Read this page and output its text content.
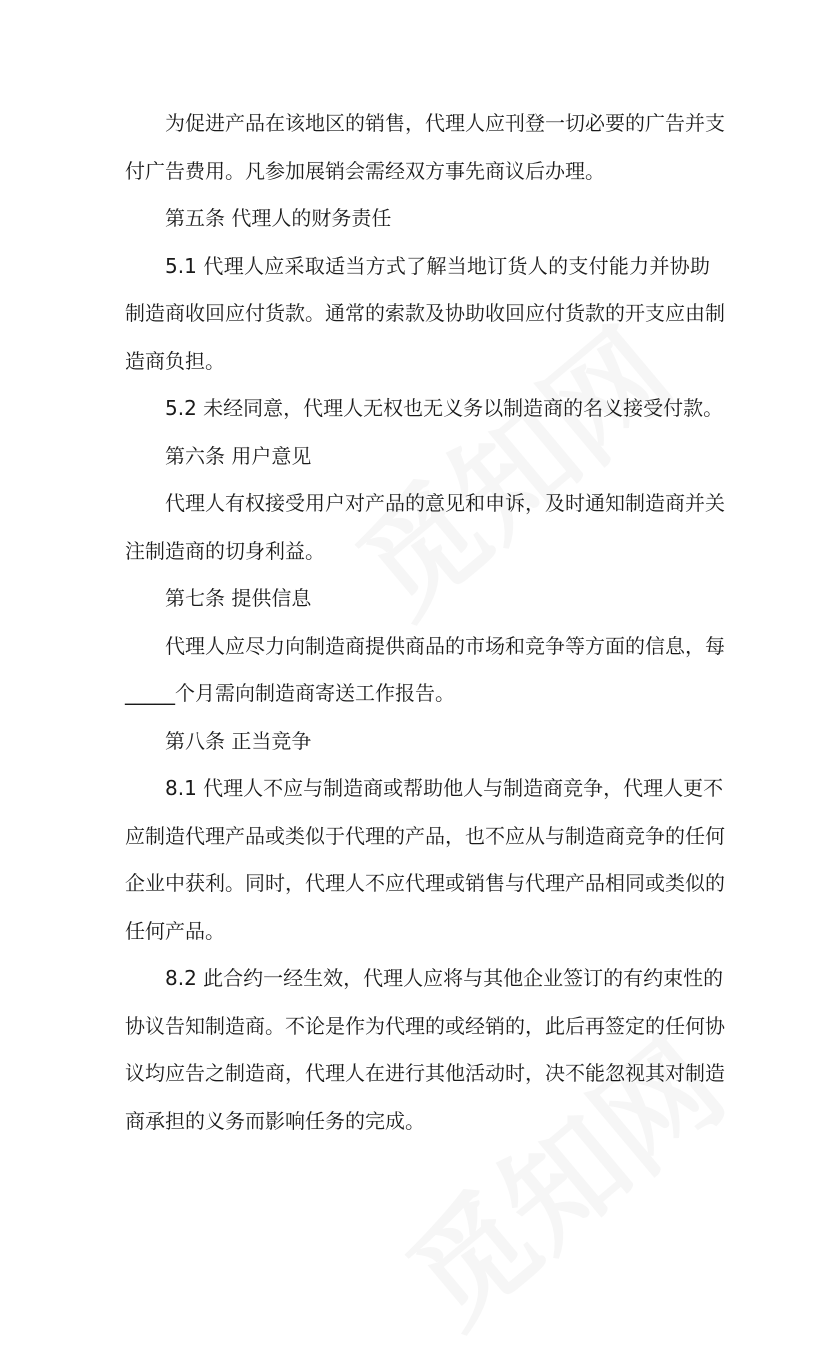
为促进产品在该地区的销售，代理人应刊登一切必要的广告并支
付广告费用。凡参加展销会需经双方事先商议后办理。
第五条 代理人的财务责任
5.1 代理人应采取适当方式了解当地订货人的支付能力并协助
制造商收回应付货款。通常的索款及协助收回应付货款的开支应由制
造商负担。
5.2 未经同意，代理人无权也无义务以制造商的名义接受付款。
第六条 用户意见
代理人有权接受用户对产品的意见和申诉，及时通知制造商并关
注制造商的切身利益。
第七条 提供信息
代理人应尽力向制造商提供商品的市场和竞争等方面的信息，每
_____个月需向制造商寄送工作报告。
第八条 正当竞争
8.1 代理人不应与制造商或帮助他人与制造商竞争，代理人更不
应制造代理产品或类似于代理的产品，也不应从与制造商竞争的任何
企业中获利。同时，代理人不应代理或销售与代理产品相同或类似的
任何产品。
8.2 此合约一经生效，代理人应将与其他企业签订的有约束性的
协议告知制造商。不论是作为代理的或经销的，此后再签定的任何协
议均应告之制造商，代理人在进行其他活动时，决不能忽视其对制造
商承担的义务而影响任务的完成。
